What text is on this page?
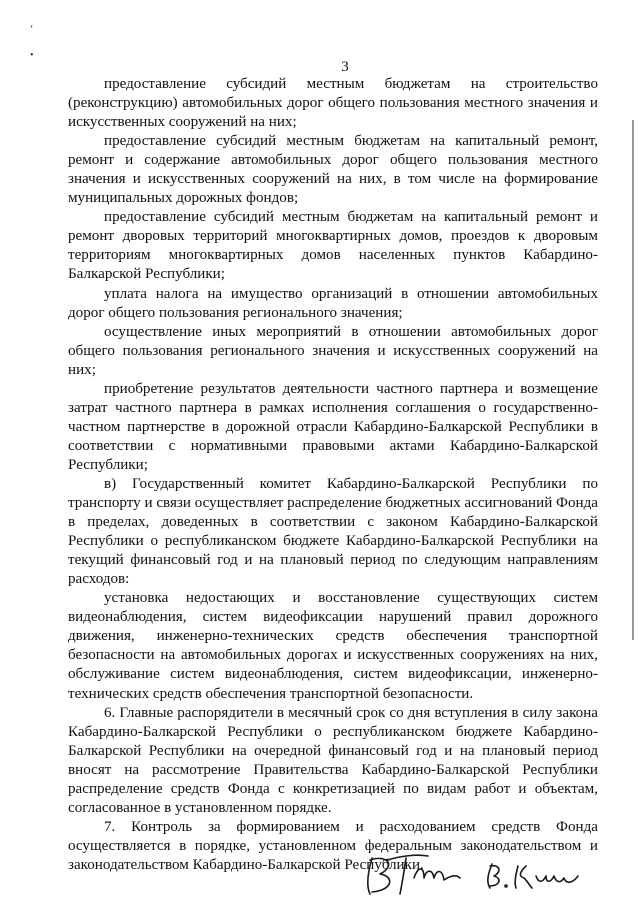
‘
•
3

предоставление субсидий местным бюджетам на строительство (реконструкцию) автомобильных дорог общего пользования местного значения и искусственных сооружений на них;

предоставление субсидий местным бюджетам на капитальный ремонт, ремонт и содержание автомобильных дорог общего пользования местного значения и искусственных сооружений на них, в том числе на формирование муниципальных дорожных фондов;

предоставление субсидий местным бюджетам на капитальный ремонт и ремонт дворовых территорий многоквартирных домов, проездов к дворовым территориям многоквартирных домов населенных пунктов Кабардино-Балкарской Республики;

уплата налога на имущество организаций в отношении автомобильных дорог общего пользования регионального значения;

осуществление иных мероприятий в отношении автомобильных дорог общего пользования регионального значения и искусственных сооружений на них;

приобретение результатов деятельности частного партнера и возмещение затрат частного партнера в рамках исполнения соглашения о государственно-частном партнерстве в дорожной отрасли Кабардино-Балкарской Республики в соответствии с нормативными правовыми актами Кабардино-Балкарской Республики;

в) Государственный комитет Кабардино-Балкарской Республики по транспорту и связи осуществляет распределение бюджетных ассигнований Фонда в пределах, доведенных в соответствии с законом Кабардино-Балкарской Республики о республиканском бюджете Кабардино-Балкарской Республики на текущий финансовый год и на плановый период по следующим направлениям расходов:

установка недостающих и восстановление существующих систем видеонаблюдения, систем видеофиксации нарушений правил дорожного движения, инженерно-технических средств обеспечения транспортной безопасности на автомобильных дорогах и искусственных сооружениях на них, обслуживание систем видеонаблюдения, систем видеофиксации, инженерно-технических средств обеспечения транспортной безопасности.

6. Главные распорядители в месячный срок со дня вступления в силу закона Кабардино-Балкарской Республики о республиканском бюджете Кабардино-Балкарской Республики на очередной финансовый год и на плановый период вносят на рассмотрение Правительства Кабардино-Балкарской Республики распределение средств Фонда с конкретизацией по видам работ и объектам, согласованное в установленном порядке.

7. Контроль за формированием и расходованием средств Фонда осуществляется в порядке, установленном федеральным законодательством и законодательством Кабардино-Балкарской Республики.
